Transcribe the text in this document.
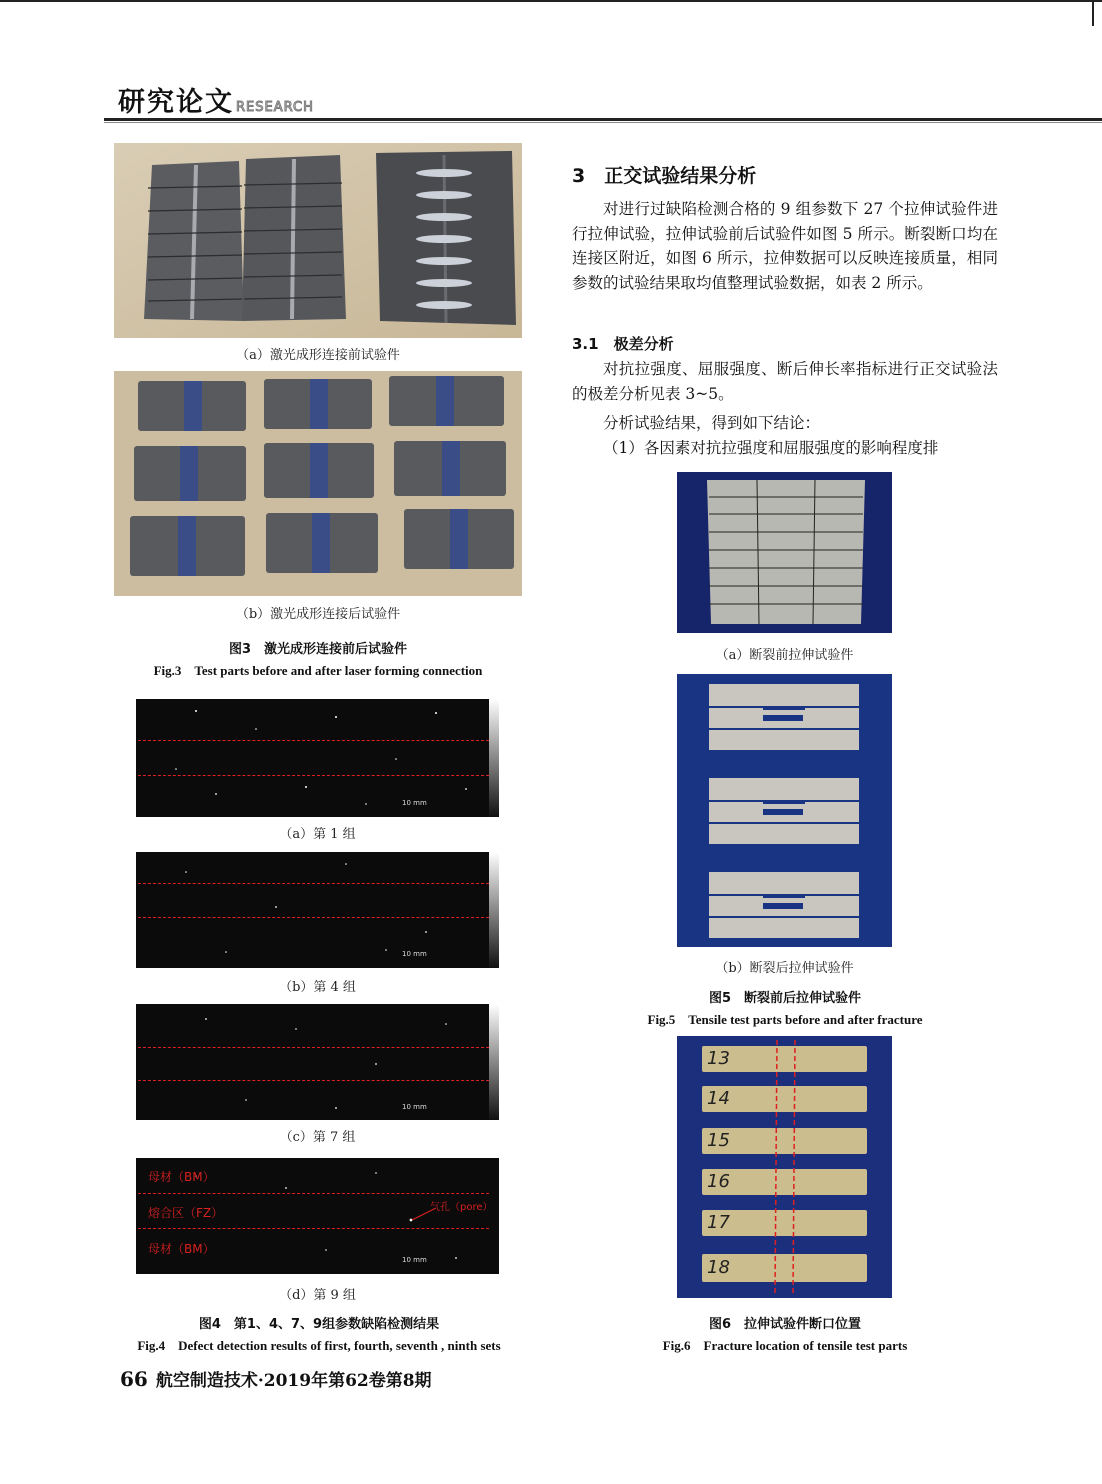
研究论文 RESEARCH
（a）激光成形连接前试验件
（b）激光成形连接后试验件
图3　激光成形连接前后试验件
Fig.3　Test parts before and after laser forming connection
10 mm
（a）第 1 组
10 mm
（b）第 4 组
10 mm
（c）第 7 组
母材（BM）
熔合区（FZ）
母材（BM）
气孔（pore）
10 mm
（d）第 9 组
图4　第1、4、7、9组参数缺陷检测结果
Fig.4　Defect detection results of first, fourth, seventh , ninth sets
3　正交试验结果分析
对进行过缺陷检测合格的 9 组参数下 27 个拉伸试验件进行拉伸试验，拉伸试验前后试验件如图 5 所示。断裂断口均在连接区附近，如图 6 所示，拉伸数据可以反映连接质量，相同参数的试验结果取均值整理试验数据，如表 2 所示。
3.1　极差分析
对抗拉强度、屈服强度、断后伸长率指标进行正交试验法的极差分析见表 3~5。
分析试验结果，得到如下结论：
（1）各因素对抗拉强度和屈服强度的影响程度排
（a）断裂前拉伸试验件
（b）断裂后拉伸试验件
图5　断裂前后拉伸试验件
Fig.5　Tensile test parts before and after fracture
13
14
15
16
17
18
图6　拉伸试验件断口位置
Fig.6　Fracture location of tensile test parts
66 航空制造技术·2019年第62卷第8期
